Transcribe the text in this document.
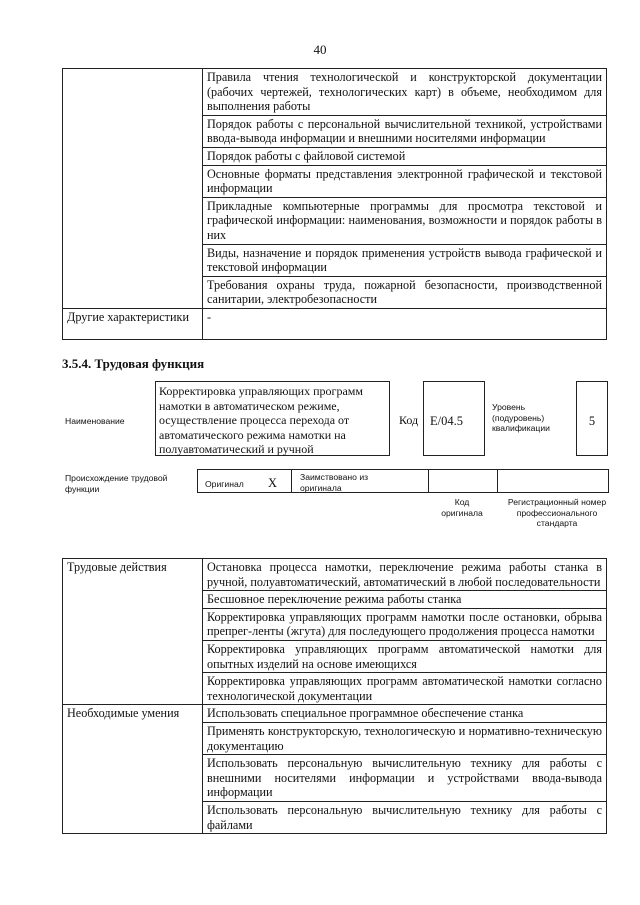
40
	Правила чтения технологической и конструкторской документации (рабочих чертежей, технологических карт) в объеме, необходимом для выполнения работы
	Порядок работы с персональной вычислительной техникой, устройствами ввода-вывода информации и внешними носителями информации
	Порядок работы с файловой системой
	Основные форматы представления электронной графической и текстовой информации
	Прикладные компьютерные программы для просмотра текстовой и графической информации: наименования, возможности и порядок работы в них
	Виды, назначение и порядок применения устройств вывода графической и текстовой информации
	Требования охраны труда, пожарной безопасности, производственной санитарии, электробезопасности
Другие характеристики	-
3.5.4. Трудовая функция
Наименование
Корректировка управляющих программ намотки в автоматическом режиме, осуществление процесса перехода от автоматического режима намотки на полуавтоматический и ручной
Код E/04.5
Уровень (подуровень) квалификации	5
Происхождение трудовой функции	Оригинал X	Заимствовано из оригинала
Код оригинала
Регистрационный номер профессионального стандарта
Трудовые действия	Остановка процесса намотки, переключение режима работы станка в ручной, полуавтоматический, автоматический в любой последовательности
	Бесшовное переключение режима работы станка
	Корректировка управляющих программ намотки после остановки, обрыва препрег-ленты (жгута) для последующего продолжения процесса намотки
	Корректировка управляющих программ автоматической намотки для опытных изделий на основе имеющихся
	Корректировка управляющих программ автоматической намотки согласно технологической документации
Необходимые умения	Использовать специальное программное обеспечение станка
	Применять конструкторскую, технологическую и нормативно-техническую документацию
	Использовать персональную вычислительную технику для работы с внешними носителями информации и устройствами ввода-вывода информации
	Использовать персональную вычислительную технику для работы с файлами
